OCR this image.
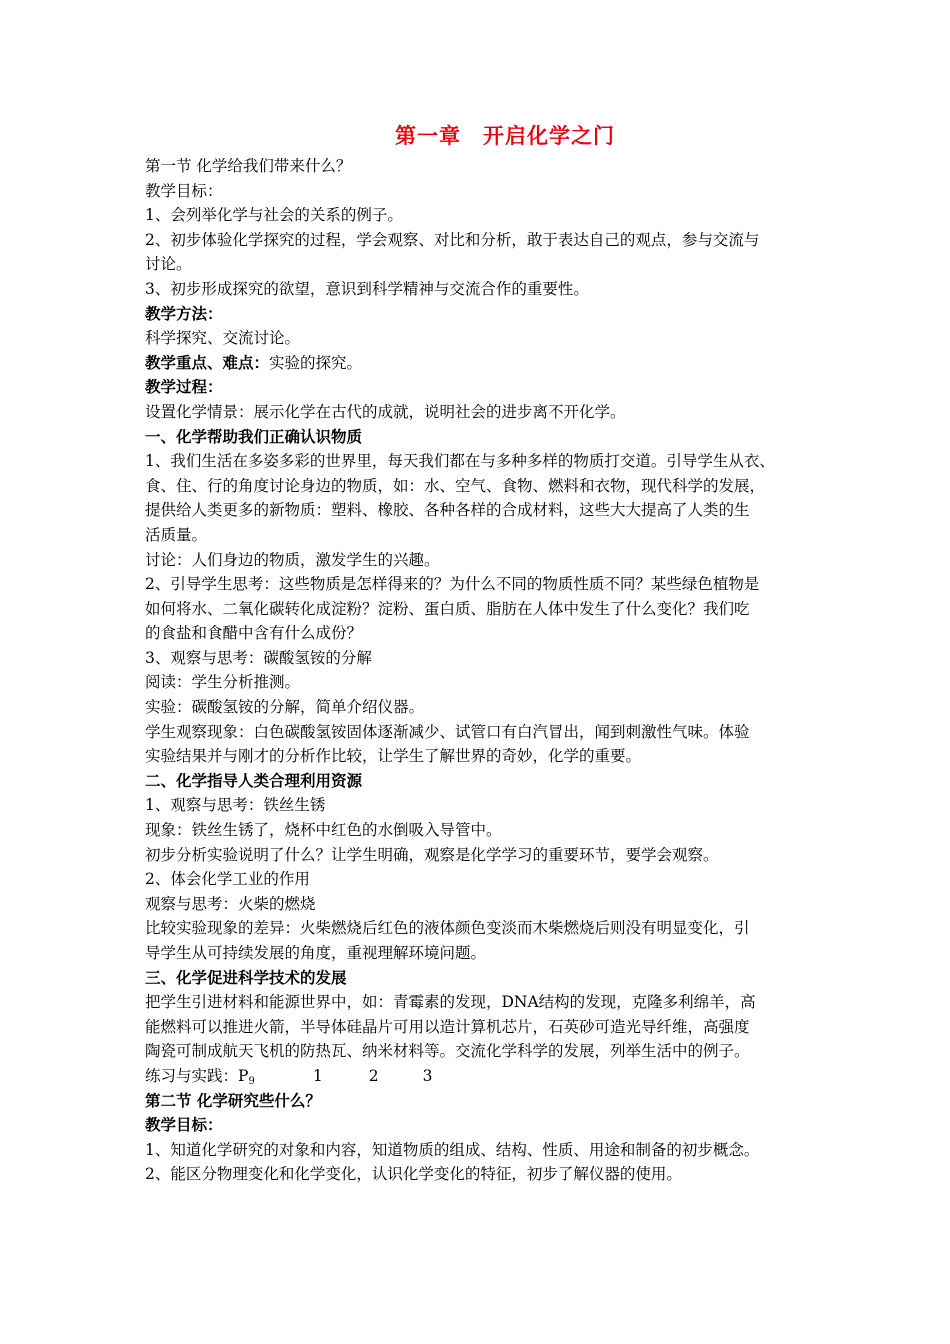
第一章　开启化学之门
第一节 化学给我们带来什么？
教学目标：
1、会列举化学与社会的关系的例子。
2、初步体验化学探究的过程，学会观察、对比和分析，敢于表达自己的观点，参与交流与
讨论。
3、初步形成探究的欲望，意识到科学精神与交流合作的重要性。
教学方法：
科学探究、交流讨论。
教学重点、难点：实验的探究。
教学过程：
设置化学情景：展示化学在古代的成就，说明社会的进步离不开化学。
一、化学帮助我们正确认识物质
1、我们生活在多姿多彩的世界里，每天我们都在与多种多样的物质打交道。引导学生从衣、
食、住、行的角度讨论身边的物质，如：水、空气、食物、燃料和衣物，现代科学的发展，
提供给人类更多的新物质：塑料、橡胶、各种各样的合成材料，这些大大提高了人类的生
活质量。
讨论：人们身边的物质，激发学生的兴趣。
2、引导学生思考：这些物质是怎样得来的？为什么不同的物质性质不同？某些绿色植物是
如何将水、二氧化碳转化成淀粉？淀粉、蛋白质、脂肪在人体中发生了什么变化？我们吃
的食盐和食醋中含有什么成份？
3、观察与思考：碳酸氢铵的分解
阅读：学生分析推测。
实验：碳酸氢铵的分解，简单介绍仪器。
学生观察现象：白色碳酸氢铵固体逐渐减少、试管口有白汽冒出，闻到刺激性气味。体验
实验结果并与刚才的分析作比较，让学生了解世界的奇妙，化学的重要。
二、化学指导人类合理利用资源
1、观察与思考：铁丝生锈
现象：铁丝生锈了，烧杯中红色的水倒吸入导管中。
初步分析实验说明了什么？让学生明确，观察是化学学习的重要环节，要学会观察。
2、体会化学工业的作用
观察与思考：火柴的燃烧
比较实验现象的差异：火柴燃烧后红色的液体颜色变淡而木柴燃烧后则没有明显变化，引
导学生从可持续发展的角度，重视理解环境问题。
三、化学促进科学技术的发展
把学生引进材料和能源世界中，如：青霉素的发现，DNA结构的发现，克隆多利绵羊，高
能燃料可以推进火箭，半导体硅晶片可用以造计算机芯片，石英砂可造光导纤维，高强度
陶瓷可制成航天飞机的防热瓦、纳米材料等。交流化学科学的发展，列举生活中的例子。
练习与实践：P9	1	2	3
第二节 化学研究些什么？
教学目标：
1、知道化学研究的对象和内容，知道物质的组成、结构、性质、用途和制备的初步概念。
2、能区分物理变化和化学变化，认识化学变化的特征，初步了解仪器的使用。
